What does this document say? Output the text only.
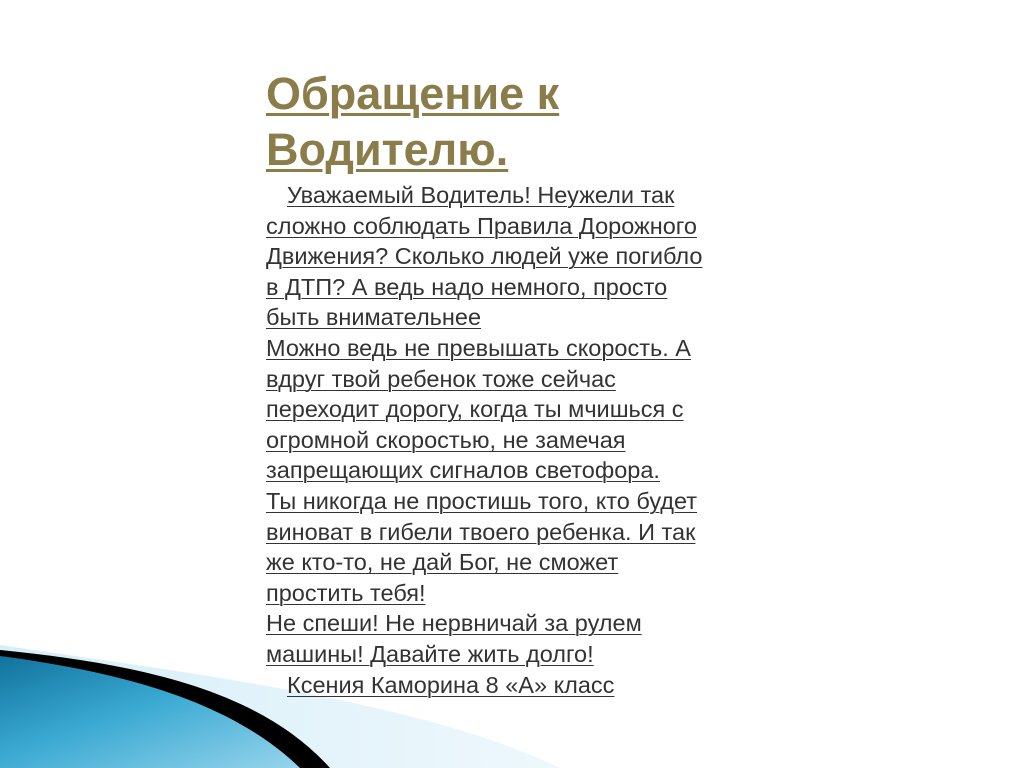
Обращение к
Водителю.
Уважаемый Водитель! Неужели так
сложно соблюдать Правила Дорожного
Движения? Сколько людей уже погибло
в ДТП? А ведь надо немного, просто
быть внимательнее
Можно ведь не превышать скорость. А
вдруг твой ребенок тоже сейчас
переходит дорогу, когда ты мчишься с
огромной скоростью, не замечая
запрещающих сигналов светофора.
Ты никогда не простишь того, кто будет
виноват в гибели твоего ребенка. И так
же кто-то, не дай Бог, не сможет
простить тебя!
Не спеши! Не нервничай за рулем
машины! Давайте жить долго!
Ксения Каморина 8 «А» класс
